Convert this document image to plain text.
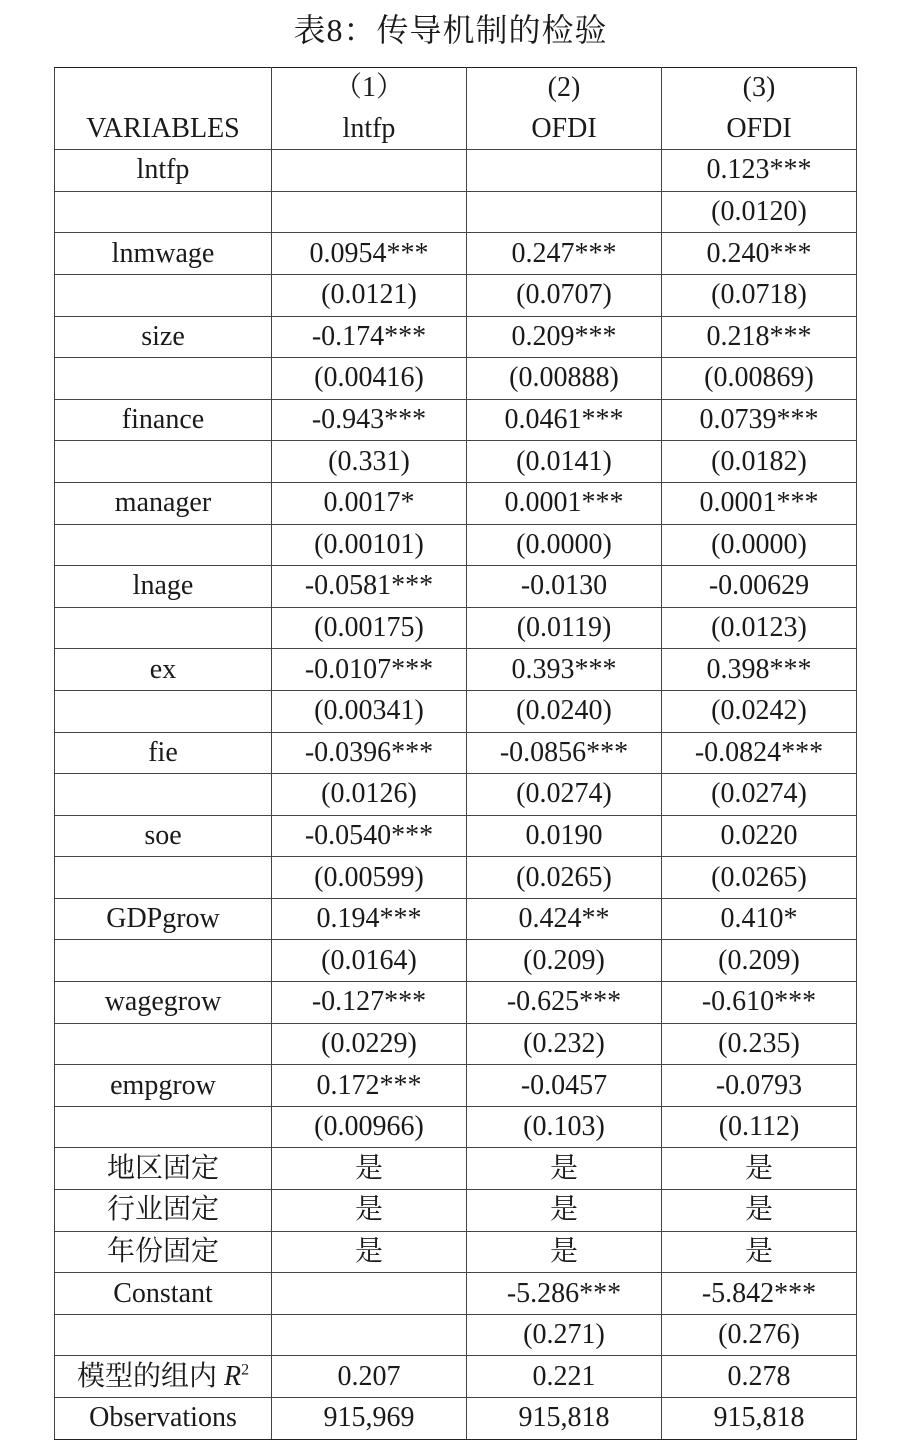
表8：传导机制的检验
	（1）	(2)	(3)
VARIABLES	lntfp	OFDI	OFDI
lntfp			0.123***
			(0.0120)
lnmwage	0.0954***	0.247***	0.240***
	(0.0121)	(0.0707)	(0.0718)
size	-0.174***	0.209***	0.218***
	(0.00416)	(0.00888)	(0.00869)
finance	-0.943***	0.0461***	0.0739***
	(0.331)	(0.0141)	(0.0182)
manager	0.0017*	0.0001***	0.0001***
	(0.00101)	(0.0000)	(0.0000)
lnage	-0.0581***	-0.0130	-0.00629
	(0.00175)	(0.0119)	(0.0123)
ex	-0.0107***	0.393***	0.398***
	(0.00341)	(0.0240)	(0.0242)
fie	-0.0396***	-0.0856***	-0.0824***
	(0.0126)	(0.0274)	(0.0274)
soe	-0.0540***	0.0190	0.0220
	(0.00599)	(0.0265)	(0.0265)
GDPgrow	0.194***	0.424**	0.410*
	(0.0164)	(0.209)	(0.209)
wagegrow	-0.127***	-0.625***	-0.610***
	(0.0229)	(0.232)	(0.235)
empgrow	0.172***	-0.0457	-0.0793
	(0.00966)	(0.103)	(0.112)
地区固定	是	是	是
行业固定	是	是	是
年份固定	是	是	是
Constant		-5.286***	-5.842***
		(0.271)	(0.276)
模型的组内 $R^2$	0.207	0.221	0.278
Observations	915,969	915,818	915,818
